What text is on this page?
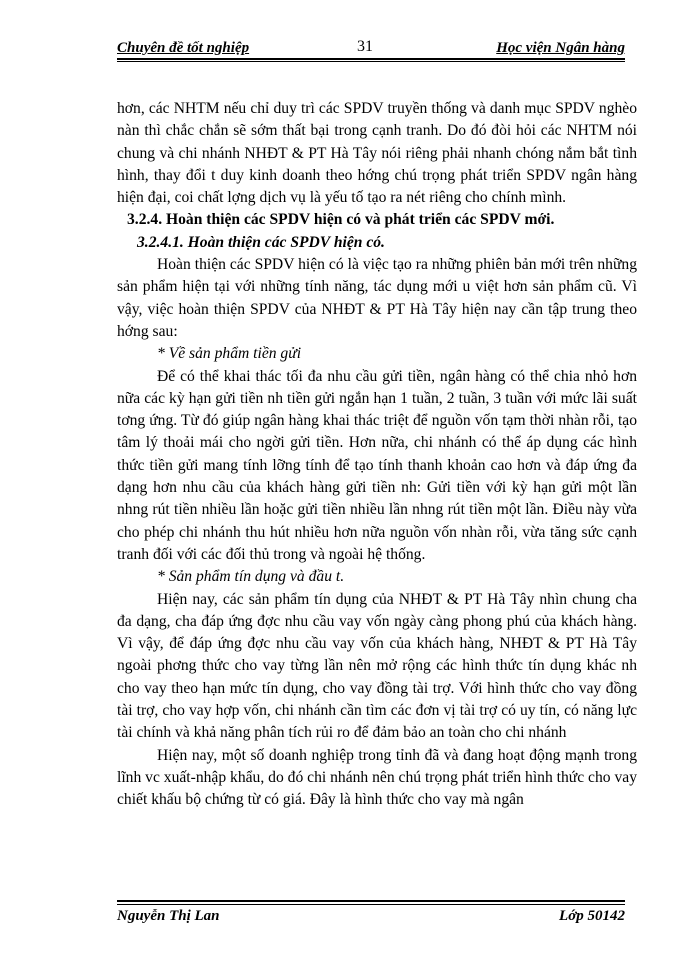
Chuyên đề tốt nghiệp	31	Học viện Ngân hàng

hơn, các NHTM nếu chỉ duy trì các SPDV truyền thống và danh mục SPDV nghèo nàn thì chắc chắn sẽ sớm thất bại trong cạnh tranh. Do đó đòi hỏi các NHTM nói chung và chi nhánh NHĐT & PT Hà Tây nói riêng phải nhanh chóng nắm bắt tình hình, thay đổi t duy kinh doanh theo hớng chú trọng phát triển SPDV ngân hàng hiện đại, coi chất lợng dịch vụ là yếu tố tạo ra nét riêng cho chính mình.

3.2.4. Hoàn thiện các SPDV hiện có và phát triển các SPDV mới.

3.2.4.1. Hoàn thiện các SPDV hiện có.

Hoàn thiện các SPDV hiện có là việc tạo ra những phiên bản mới trên những sản phẩm hiện tại với những tính năng, tác dụng mới u việt hơn sản phẩm cũ. Vì vậy, việc hoàn thiện SPDV của NHĐT & PT Hà Tây hiện nay cần tập trung theo hớng sau:

* Về sản phẩm tiền gửi

Để có thể khai thác tối đa nhu cầu gửi tiền, ngân hàng có thể chia nhỏ hơn nữa các kỳ hạn gửi tiền nh tiền gửi ngắn hạn 1 tuần, 2 tuần, 3 tuần với mức lãi suất tơng ứng. Từ đó giúp ngân hàng khai thác triệt để nguồn vốn tạm thời nhàn rỗi, tạo tâm lý thoải mái cho ngời gửi tiền. Hơn nữa, chi nhánh có thể áp dụng các hình thức tiền gửi mang tính lỡng tính để tạo tính thanh khoản cao hơn và đáp ứng đa dạng hơn nhu cầu của khách hàng gửi tiền nh: Gửi tiền với kỳ hạn gửi một lần nhng rút tiền nhiều lần hoặc gửi tiền nhiều lần nhng rút tiền một lần. Điều này vừa cho phép chi nhánh thu hút nhiều hơn nữa nguồn vốn nhàn rỗi, vừa tăng sức cạnh tranh đối với các đối thủ trong và ngoài hệ thống.

* Sản phẩm tín dụng và đầu t.

Hiện nay, các sản phẩm tín dụng của NHĐT & PT Hà Tây nhìn chung cha đa dạng, cha đáp ứng đợc nhu cầu vay vốn ngày càng phong phú của khách hàng. Vì vậy, để đáp ứng đợc nhu cầu vay vốn của khách hàng, NHĐT & PT Hà Tây ngoài phơng thức cho vay từng lần nên mở rộng các hình thức tín dụng khác nh cho vay theo hạn mức tín dụng, cho vay đồng tài trợ. Với hình thức cho vay đồng tài trợ, cho vay hợp vốn, chi nhánh cần tìm các đơn vị tài trợ có uy tín, có năng lực tài chính và khả năng phân tích rủi ro để đảm bảo an toàn cho chi nhánh

Hiện nay, một số doanh nghiệp trong tỉnh đã và đang hoạt động mạnh trong lĩnh vc xuất-nhập khẩu, do đó chi nhánh nên chú trọng phát triển hình thức cho vay chiết khấu bộ chứng từ có giá. Đây là hình thức cho vay mà ngân

Nguyễn Thị Lan	Lớp 50142
